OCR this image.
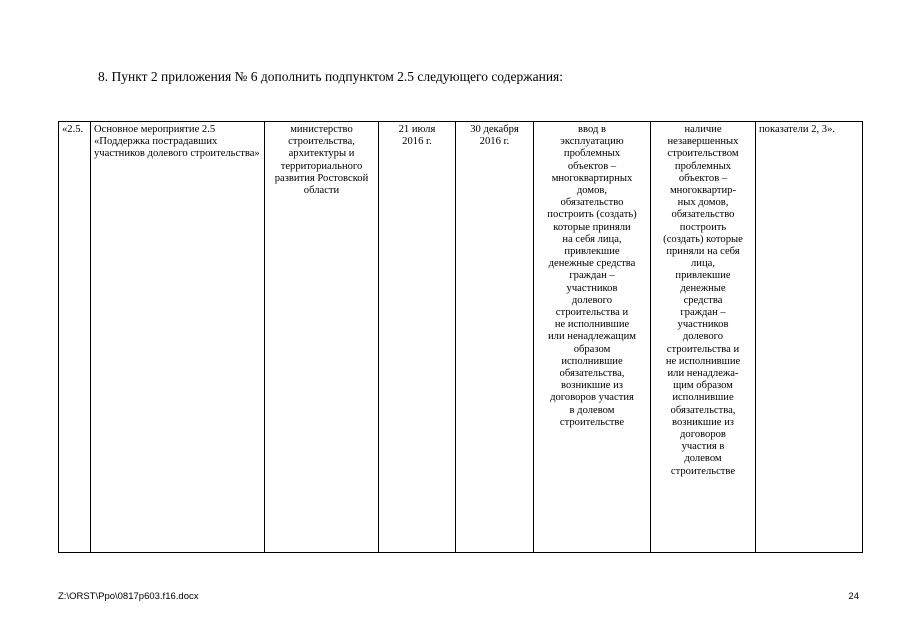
8. Пункт 2 приложения № 6 дополнить подпунктом 2.5 следующего содержания:
«2.5.	Основное мероприятие 2.5
«Поддержка пострадавших участников долевого строительства»	министерство строительства, архитектуры и территориального развития Ростовской области	21 июля
2016 г.	30 декабря
2016 г.	ввод в
эксплуатацию
проблемных
объектов –
многоквартирных
домов,
обязательство
построить (создать)
которые приняли
на себя лица,
привлекшие
денежные средства
граждан –
участников
долевого
строительства и
не исполнившие
или ненадлежащим
образом
исполнившие
обязательства,
возникшие из
договоров участия
в долевом
строительстве	наличие
незавершенных
строительством
проблемных
объектов –
многоквартир-
ных домов,
обязательство
построить
(создать) которые
приняли на себя
лица,
привлекшие
денежные
средства
граждан –
участников
долевого
строительства и
не исполнившие
или ненадлежа-
щим образом
исполнившие
обязательства,
возникшие из
договоров
участия в
долевом
строительстве	показатели 2, 3».
Z:\ORST\Ppo\0817p603.f16.docx	24
